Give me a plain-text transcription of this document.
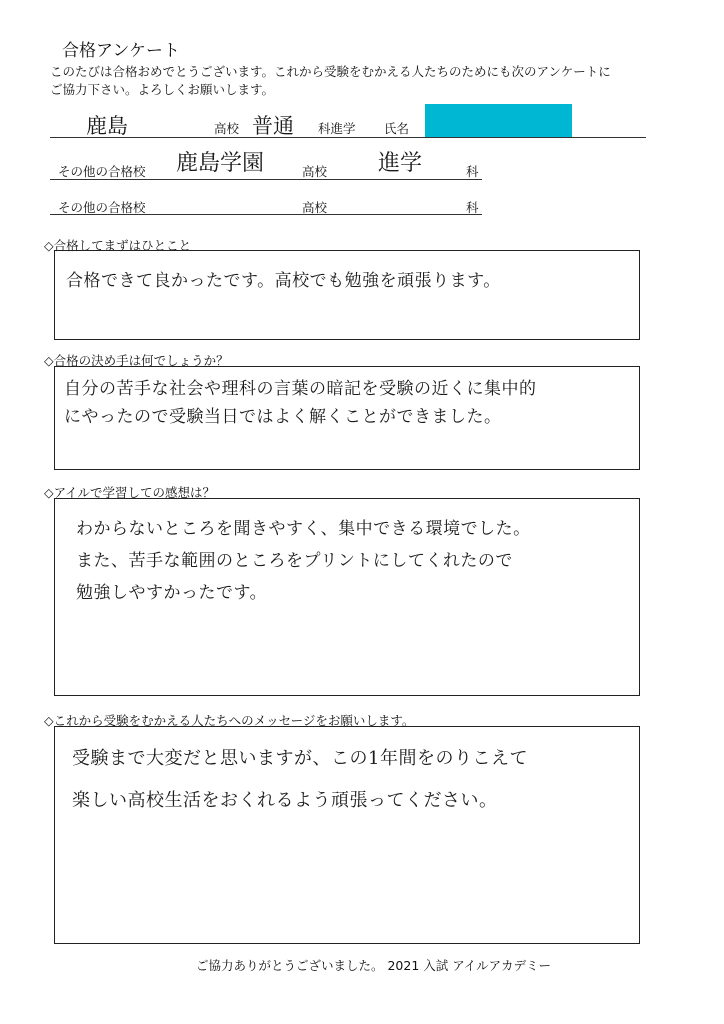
合格アンケート
このたびは合格おめでとうございます。これから受験をむかえる人たちのためにも次のアンケートに
ご協力下さい。よろしくお願いします。
鹿島	高校 普通 科進学 氏名
その他の合格校 鹿島学園	高校 進学	科
その他の合格校	高校	科
◇合格してまずはひとこと
合格できて良かったです。高校でも勉強を頑張ります。
◇合格の決め手は何でしょうか？
自分の苦手な社会や理科の言葉の暗記を受験の近くに集中的
にやったので受験当日ではよく解くことができました。
◇アイルで学習しての感想は？
わからないところを聞きやすく、集中できる環境でした。
また、苦手な範囲のところをプリントにしてくれたので
勉強しやすかったです。
◇これから受験をむかえる人たちへのメッセージをお願いします。
受験まで大変だと思いますが、この1年間をのりこえて
楽しい高校生活をおくれるよう頑張ってください。
ご協力ありがとうございました。 2021 入試 アイルアカデミー
